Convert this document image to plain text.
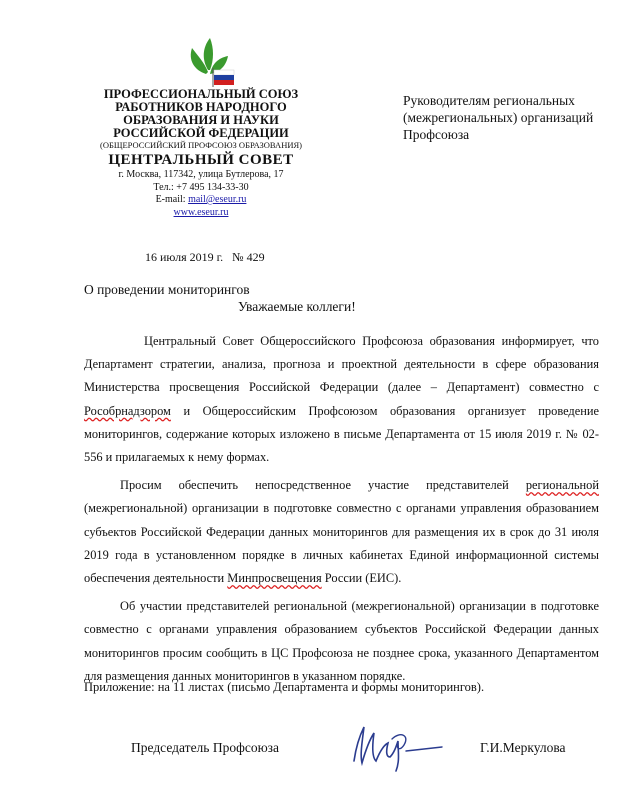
ПРОФЕССИОНАЛЬНЫЙ СОЮЗ
РАБОТНИКОВ НАРОДНОГО
ОБРАЗОВАНИЯ И НАУКИ
РОССИЙСКОЙ ФЕДЕРАЦИИ
(ОБЩЕРОССИЙСКИЙ ПРОФСОЮЗ ОБРАЗОВАНИЯ)
ЦЕНТРАЛЬНЫЙ СОВЕТ
г. Москва, 117342, улица Бутлерова, 17
Тел.: +7 495 134-33-30
E-mail: mail@eseur.ru
www.eseur.ru
Руководителям региональных
(межрегиональных) организаций
Профсоюза
16 июля 2019 г. № 429
О проведении мониторингов
Уважаемые коллеги!

Центральный Совет Общероссийского Профсоюза образования информирует, что Департамент стратегии, анализа, прогноза и проектной деятельности в сфере образования Министерства просвещения Российской Федерации (далее – Департамент) совместно с Рособрнадзором и Общероссийским Профсоюзом образования организует проведение мониторингов, содержание которых изложено в письме Департамента от 15 июля 2019 г. № 02-556 и прилагаемых к нему формах.

Просим обеспечить непосредственное участие представителей региональной (межрегиональной) организации в подготовке совместно с органами управления образованием субъектов Российской Федерации данных мониторингов для размещения их в срок до 31 июля 2019 года в установленном порядке в личных кабинетах Единой информационной системы обеспечения деятельности Минпросвещения России (ЕИС).

Об участии представителей региональной (межрегиональной) организации в подготовке совместно с органами управления образованием субъектов Российской Федерации данных мониторингов просим сообщить в ЦС Профсоюза не позднее срока, указанного Департаментом для размещения данных мониторингов в указанном порядке.

Приложение: на 11 листах (письмо Департамента и формы мониторингов).
Председатель Профсоюза	Г.И.Меркулова
